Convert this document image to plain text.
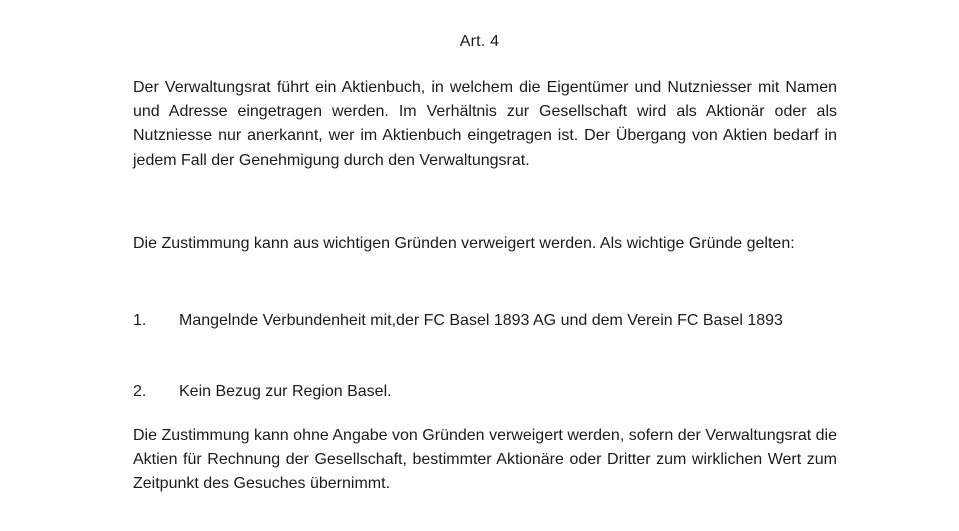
Art. 4
Der Verwaltungsrat führt ein Aktienbuch, in welchem die Eigentümer und Nutzniesser mit Namen und Adresse eingetragen werden. Im Verhältnis zur Gesellschaft wird als Aktionär oder als Nutzniesse nur anerkannt, wer im Aktienbuch eingetragen ist. Der Übergang von Aktien bedarf in jedem Fall der Genehmigung durch den Verwaltungsrat.
Die Zustimmung kann aus wichtigen Gründen verweigert werden. Als wichtige Gründe gelten:
1.	Mangelnde Verbundenheit mit,der FC Basel 1893 AG und dem Verein FC Basel 1893
2.	Kein Bezug zur Region Basel.
Die Zustimmung kann ohne Angabe von Gründen verweigert werden, sofern der Verwaltungsrat die Aktien für Rechnung der Gesellschaft, bestimmter Aktionäre oder Dritter zum wirklichen Wert zum Zeitpunkt des Gesuches übernimmt.
